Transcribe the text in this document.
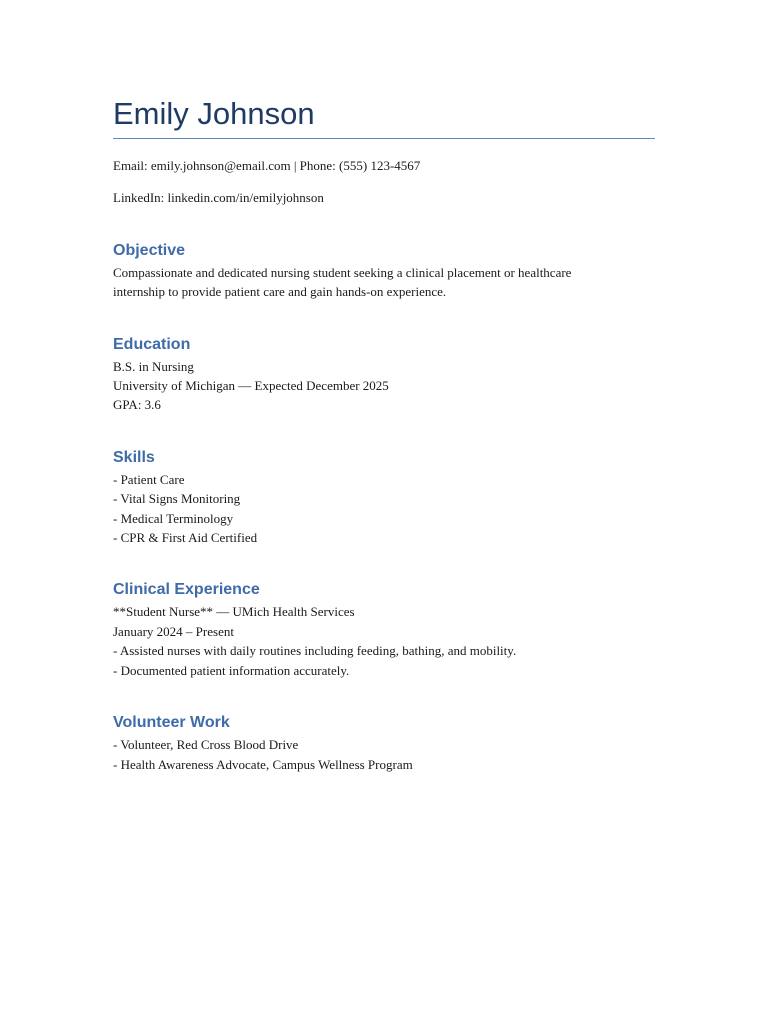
Emily Johnson

Email: emily.johnson@email.com | Phone: (555) 123-4567

LinkedIn: linkedin.com/in/emilyjohnson

Objective
Compassionate and dedicated nursing student seeking a clinical placement or healthcare
internship to provide patient care and gain hands-on experience.
Education
B.S. in Nursing
University of Michigan — Expected December 2025
GPA: 3.6
Skills
- Patient Care
- Vital Signs Monitoring
- Medical Terminology
- CPR & First Aid Certified
Clinical Experience
**Student Nurse** — UMich Health Services
January 2024 – Present
- Assisted nurses with daily routines including feeding, bathing, and mobility.
- Documented patient information accurately.
Volunteer Work
- Volunteer, Red Cross Blood Drive
- Health Awareness Advocate, Campus Wellness Program
